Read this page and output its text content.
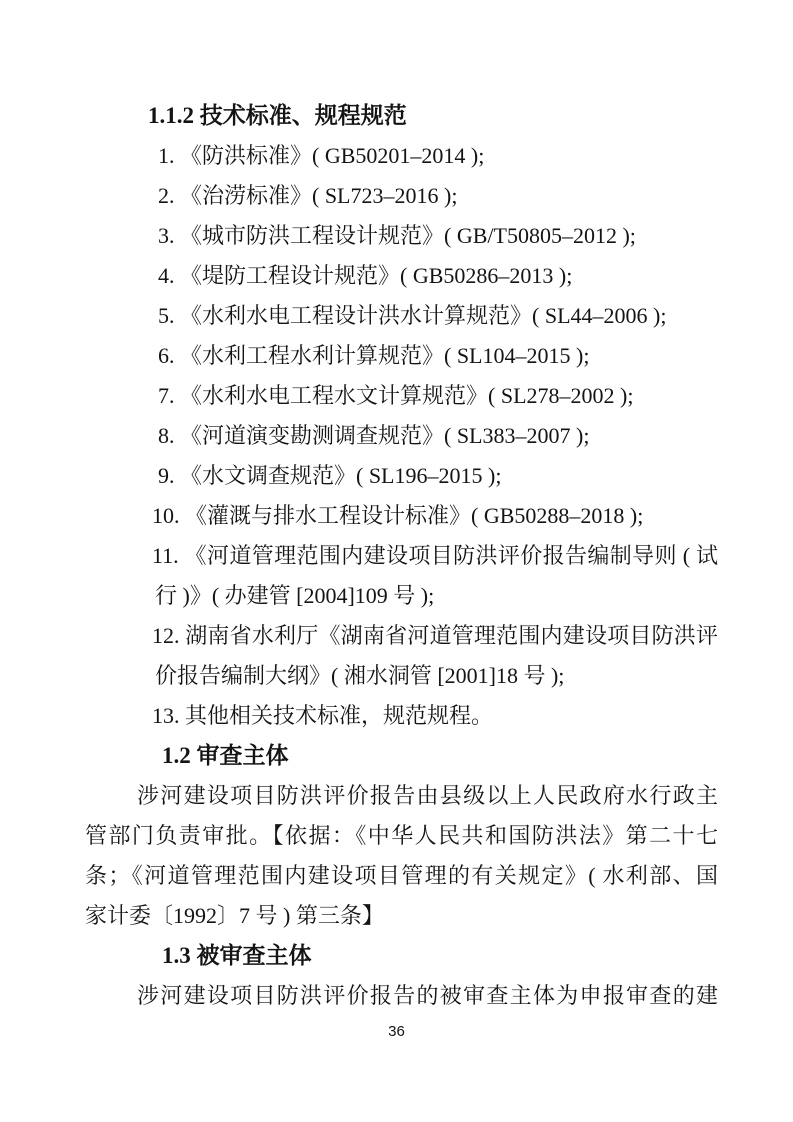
1.1.2 技术标准、规程规范
1. 《防洪标准》( GB50201–2014 );
2. 《治涝标准》( SL723–2016 );
3. 《城市防洪工程设计规范》( GB/T50805–2012 );
4. 《堤防工程设计规范》( GB50286–2013 );
5. 《水利水电工程设计洪水计算规范》( SL44–2006 );
6. 《水利工程水利计算规范》( SL104–2015 );
7. 《水利水电工程水文计算规范》( SL278–2002 );
8. 《河道演变勘测调查规范》( SL383–2007 );
9. 《水文调查规范》( SL196–2015 );
10. 《灌溉与排水工程设计标准》( GB50288–2018 );
11. 《河道管理范围内建设项目防洪评价报告编制导则 ( 试
行 )》( 办建管 [2004]109 号 );
12. 湖南省水利厅《湖南省河道管理范围内建设项目防洪评
价报告编制大纲》( 湘水洞管 [2001]18 号 );
13. 其他相关技术标准，规范规程。
1.2 审查主体
涉河建设项目防洪评价报告由县级以上人民政府水行政主
管部门负责审批。【依据：《中华人民共和国防洪法》第二十七
条；《河道管理范围内建设项目管理的有关规定》( 水利部、国
家计委〔1992〕7 号 ) 第三条】
1.3 被审查主体
涉河建设项目防洪评价报告的被审查主体为申报审查的建
36
